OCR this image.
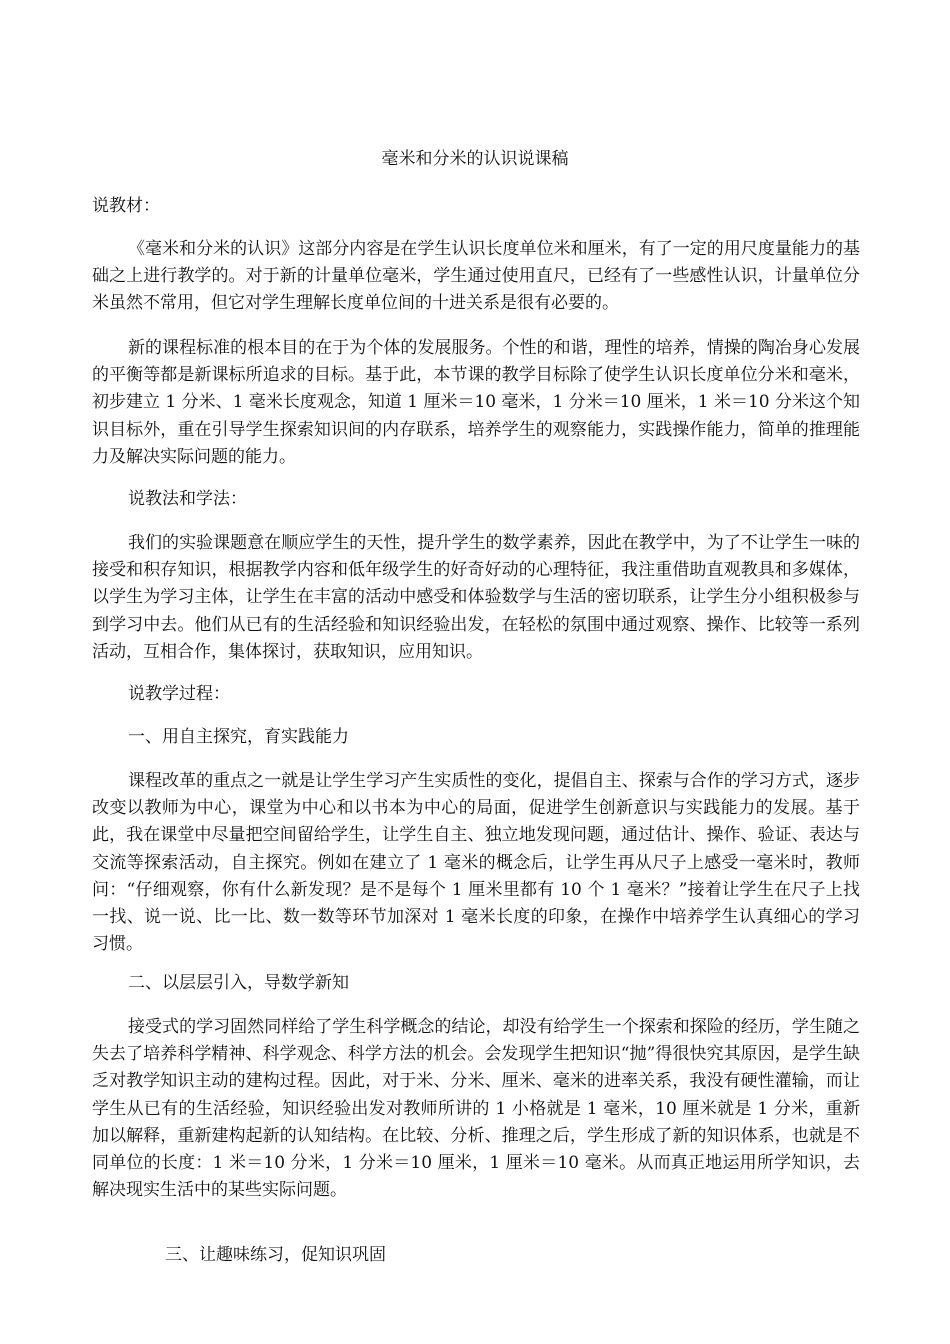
毫米和分米的认识说课稿
说教材：

《毫米和分米的认识》这部分内容是在学生认识长度单位米和厘米，有了一定的用尺度量能力的基础之上进行教学的。对于新的计量单位毫米，学生通过使用直尺，已经有了一些感性认识，计量单位分米虽然不常用，但它对学生理解长度单位间的十进关系是很有必要的。

新的课程标准的根本目的在于为个体的发展服务。个性的和谐，理性的培养，情操的陶冶身心发展的平衡等都是新课标所追求的目标。基于此，本节课的教学目标除了使学生认识长度单位分米和毫米，初步建立 1 分米、1 毫米长度观念，知道 1 厘米＝10 毫米，1 分米＝10 厘米，1 米＝10 分米这个知识目标外，重在引导学生探索知识间的内存联系，培养学生的观察能力，实践操作能力，简单的推理能力及解决实际问题的能力。

说教法和学法：

我们的实验课题意在顺应学生的天性，提升学生的数学素养，因此在教学中，为了不让学生一味的接受和积存知识，根据教学内容和低年级学生的好奇好动的心理特征，我注重借助直观教具和多媒体，以学生为学习主体，让学生在丰富的活动中感受和体验数学与生活的密切联系，让学生分小组积极参与到学习中去。他们从已有的生活经验和知识经验出发，在轻松的氛围中通过观察、操作、比较等一系列活动，互相合作，集体探讨，获取知识，应用知识。

说教学过程：
一、用自主探究，育实践能力

课程改革的重点之一就是让学生学习产生实质性的变化，提倡自主、探索与合作的学习方式，逐步改变以教师为中心，课堂为中心和以书本为中心的局面，促进学生创新意识与实践能力的发展。基于此，我在课堂中尽量把空间留给学生，让学生自主、独立地发现问题，通过估计、操作、验证、表达与交流等探索活动，自主探究。例如在建立了 1 毫米的概念后，让学生再从尺子上感受一毫米时，教师问：“仔细观察，你有什么新发现？是不是每个 1 厘米里都有 10 个 1 毫米？”接着让学生在尺子上找一找、说一说、比一比、数一数等环节加深对 1 毫米长度的印象，在操作中培养学生认真细心的学习习惯。

二、以层层引入，导数学新知

接受式的学习固然同样给了学生科学概念的结论，却没有给学生一个探索和探险的经历，学生随之失去了培养科学精神、科学观念、科学方法的机会。会发现学生把知识“抛”得很快究其原因，是学生缺乏对教学知识主动的建构过程。因此，对于米、分米、厘米、毫米的进率关系，我没有硬性灌输，而让学生从已有的生活经验，知识经验出发对教师所讲的 1 小格就是 1 毫米，10 厘米就是 1 分米，重新加以解释，重新建构起新的认知结构。在比较、分析、推理之后，学生形成了新的知识体系，也就是不同单位的长度：1 米＝10 分米，1 分米＝10 厘米，1 厘米＝10 毫米。从而真正地运用所学知识，去解决现实生活中的某些实际问题。

三、让趣味练习，促知识巩固
